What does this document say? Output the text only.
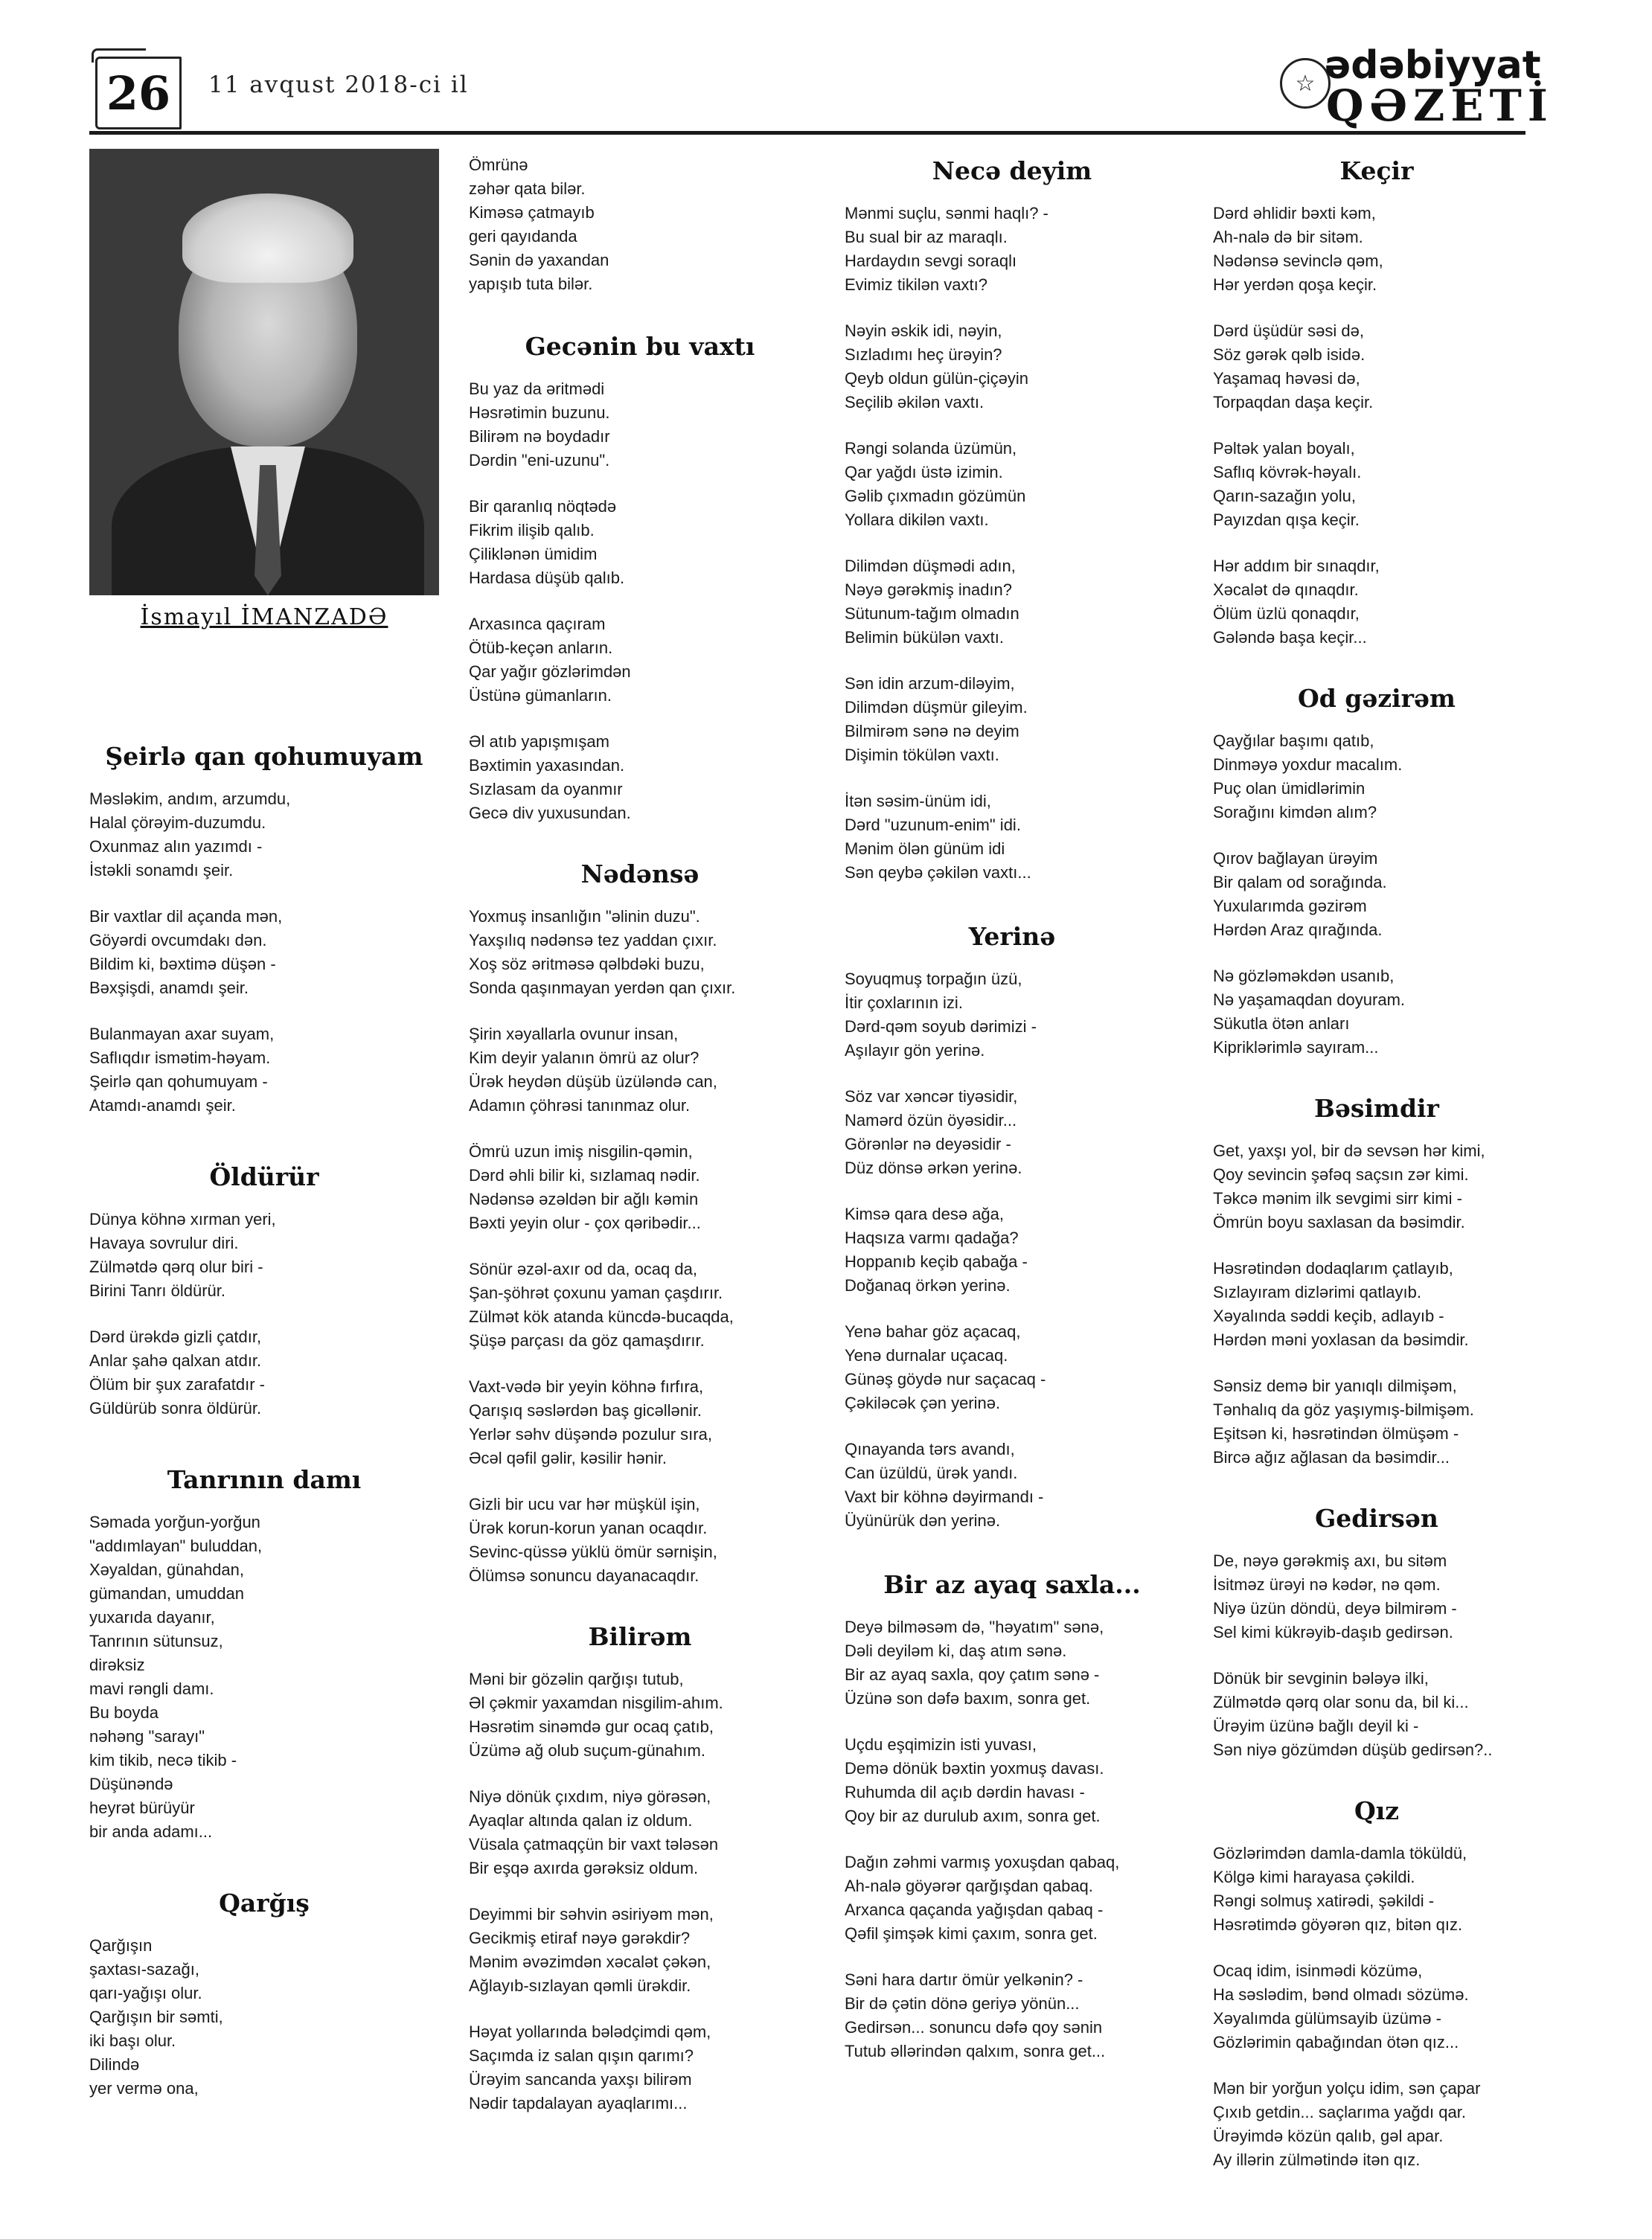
26	11 avqust 2018-ci il	☆ ədəbiyyat
QƏZETİ
İsmayıl İMANZADƏ
Şeirlə qan qohumuyam
Məsləkim, andım, arzumdu,
Halal çörəyim-duzumdu.
Oxunmaz alın yazımdı -
İstəkli sonamdı şeir.
Bir vaxtlar dil açanda mən,
Göyərdi ovcumdakı dən.
Bildim ki, bəxtimə düşən -
Bəxşişdi, anamdı şeir.
Bulanmayan axar suyam,
Saflıqdır ismətim-həyam.
Şeirlə qan qohumuyam -
Atamdı-anamdı şeir.
Öldürür
Dünya köhnə xırman yeri,
Havaya sovrulur diri.
Zülmətdə qərq olur biri -
Birini Tanrı öldürür.
Dərd ürəkdə gizli çatdır,
Anlar şahə qalxan atdır.
Ölüm bir şux zarafatdır -
Güldürüb sonra öldürür.
Tanrının damı
Səmada yorğun-yorğun
"addımlayan" buluddan,
Xəyaldan, günahdan,
gümandan, umuddan
yuxarıda dayanır,
Tanrının sütunsuz,
dirəksiz
mavi rəngli damı.
Bu boyda
nəhəng "sarayı"
kim tikib, necə tikib -
Düşünəndə
heyrət bürüyür
bir anda adamı...
Qarğış
Qarğışın
şaxtası-sazağı,
qarı-yağışı olur.
Qarğışın bir səmti,
iki başı olur.
Dilində
yer vermə ona,
Ömrünə
zəhər qata bilər.
Kiməsə çatmayıb
geri qayıdanda
Sənin də yaxandan
yapışıb tuta bilər.
Gecənin bu vaxtı
Bu yaz da əritmədi
Həsrətimin buzunu.
Bilirəm nə boydadır
Dərdin "eni-uzunu".
Bir qaranlıq nöqtədə
Fikrim ilişib qalıb.
Çiliklənən ümidim
Hardasa düşüb qalıb.
Arxasınca qaçıram
Ötüb-keçən anların.
Qar yağır gözlərimdən
Üstünə gümanların.
Əl atıb yapışmışam
Bəxtimin yaxasından.
Sızlasam da oyanmır
Gecə div yuxusundan.
Nədənsə
Yoxmuş insanlığın "əlinin duzu".
Yaxşılıq nədənsə tez yaddan çıxır.
Xoş söz əritməsə qəlbdəki buzu,
Sonda qaşınmayan yerdən qan çıxır.
Şirin xəyallarla ovunur insan,
Kim deyir yalanın ömrü az olur?
Ürək heydən düşüb üzüləndə can,
Adamın çöhrəsi tanınmaz olur.
Ömrü uzun imiş nisgilin-qəmin,
Dərd əhli bilir ki, sızlamaq nədir.
Nədənsə əzəldən bir ağlı kəmin
Bəxti yeyin olur - çox qəribədir...
Sönür əzəl-axır od da, ocaq da,
Şan-şöhrət çoxunu yaman çaşdırır.
Zülmət kök atanda küncdə-bucaqda,
Şüşə parçası da göz qamaşdırır.
Vaxt-vədə bir yeyin köhnə fırfıra,
Qarışıq səslərdən baş gicəllənir.
Yerlər səhv düşəndə pozulur sıra,
Əcəl qəfil gəlir, kəsilir hənir.
Gizli bir ucu var hər müşkül işin,
Ürək korun-korun yanan ocaqdır.
Sevinc-qüssə yüklü ömür sərnişin,
Ölümsə sonuncu dayanacaqdır.
Bilirəm
Məni bir gözəlin qarğışı tutub,
Əl çəkmir yaxamdan nisgilim-ahım.
Həsrətim sinəmdə gur ocaq çatıb,
Üzümə ağ olub suçum-günahım.
Niyə dönük çıxdım, niyə görəsən,
Ayaqlar altında qalan iz oldum.
Vüsala çatmaqçün bir vaxt tələsən
Bir eşqə axırda gərəksiz oldum.
Deyimmi bir səhvin əsiriyəm mən,
Gecikmiş etiraf nəyə gərəkdir?
Mənim əvəzimdən xəcalət çəkən,
Ağlayıb-sızlayan qəmli ürəkdir.
Həyat yollarında bələdçimdi qəm,
Saçımda iz salan qışın qarımı?
Ürəyim sancanda yaxşı bilirəm
Nədir tapdalayan ayaqlarımı...
Necə deyim
Mənmi suçlu, sənmi haqlı? -
Bu sual bir az maraqlı.
Hardaydın sevgi soraqlı
Evimiz tikilən vaxtı?
Nəyin əskik idi, nəyin,
Sızladımı heç ürəyin?
Qeyb oldun gülün-çiçəyin
Seçilib əkilən vaxtı.
Rəngi solanda üzümün,
Qar yağdı üstə izimin.
Gəlib çıxmadın gözümün
Yollara dikilən vaxtı.
Dilimdən düşmədi adın,
Nəyə gərəkmiş inadın?
Sütunum-tağım olmadın
Belimin bükülən vaxtı.
Sən idin arzum-diləyim,
Dilimdən düşmür gileyim.
Bilmirəm sənə nə deyim
Dişimin tökülən vaxtı.
İtən səsim-ünüm idi,
Dərd "uzunum-enim" idi.
Mənim ölən günüm idi
Sən qeybə çəkilən vaxtı...
Yerinə
Soyuqmuş torpağın üzü,
İtir çoxlarının izi.
Dərd-qəm soyub dərimizi -
Aşılayır gön yerinə.
Söz var xəncər tiyəsidir,
Namərd özün öyəsidir...
Görənlər nə deyəsidir -
Düz dönsə ərkən yerinə.
Kimsə qara desə ağa,
Haqsıza varmı qadağa?
Hoppanıb keçib qabağa -
Doğanaq örkən yerinə.
Yenə bahar göz açacaq,
Yenə durnalar uçacaq.
Günəş göydə nur saçacaq -
Çəkiləcək çən yerinə.
Qınayanda tərs avandı,
Can üzüldü, ürək yandı.
Vaxt bir köhnə dəyirmandı -
Üyünürük dən yerinə.
Bir az ayaq saxla...
Deyə bilməsəm də, "həyatım" sənə,
Dəli deyiləm ki, daş atım sənə.
Bir az ayaq saxla, qoy çatım sənə -
Üzünə son dəfə baxım, sonra get.
Uçdu eşqimizin isti yuvası,
Demə dönük bəxtin yoxmuş davası.
Ruhumda dil açıb dərdin havası -
Qoy bir az durulub axım, sonra get.
Dağın zəhmi varmış yoxuşdan qabaq,
Ah-nalə göyərər qarğışdan qabaq.
Arxanca qaçanda yağışdan qabaq -
Qəfil şimşək kimi çaxım, sonra get.
Səni hara dartır ömür yelkənin? -
Bir də çətin dönə geriyə yönün...
Gedirsən... sonuncu dəfə qoy sənin
Tutub əllərindən qalxım, sonra get...
Keçir
Dərd əhlidir bəxti kəm,
Ah-nalə də bir sitəm.
Nədənsə sevinclə qəm,
Hər yerdən qoşa keçir.
Dərd üşüdür səsi də,
Söz gərək qəlb isidə.
Yaşamaq həvəsi də,
Torpaqdan daşa keçir.
Pəltək yalan boyalı,
Saflıq kövrək-həyalı.
Qarın-sazağın yolu,
Payızdan qışa keçir.
Hər addım bir sınaqdır,
Xəcalət də qınaqdır.
Ölüm üzlü qonaqdır,
Gələndə başa keçir...
Od gəzirəm
Qayğılar başımı qatıb,
Dinməyə yoxdur macalım.
Puç olan ümidlərimin
Sorağını kimdən alım?
Qırov bağlayan ürəyim
Bir qalam od sorağında.
Yuxularımda gəzirəm
Hərdən Araz qırağında.
Nə gözləməkdən usanıb,
Nə yaşamaqdan doyuram.
Sükutla ötən anları
Kipriklərimlə sayıram...
Bəsimdir
Get, yaxşı yol, bir də sevsən hər kimi,
Qoy sevincin şəfəq saçsın zər kimi.
Təkcə mənim ilk sevgimi sirr kimi -
Ömrün boyu saxlasan da bəsimdir.
Həsrətindən dodaqlarım çatlayıb,
Sızlayıram dizlərimi qatlayıb.
Xəyalında səddi keçib, adlayıb -
Hərdən məni yoxlasan da bəsimdir.
Sənsiz demə bir yanıqlı dilmişəm,
Tənhalıq da göz yaşıymış-bilmişəm.
Eşitsən ki, həsrətindən ölmüşəm -
Bircə ağız ağlasan da bəsimdir...
Gedirsən
De, nəyə gərəkmiş axı, bu sitəm
İsitməz ürəyi nə kədər, nə qəm.
Niyə üzün döndü, deyə bilmirəm -
Sel kimi kükrəyib-daşıb gedirsən.
Dönük bir sevginin bələyə ilki,
Zülmətdə qərq olar sonu da, bil ki...
Ürəyim üzünə bağlı deyil ki -
Sən niyə gözümdən düşüb gedirsən?..
Qız
Gözlərimdən damla-damla töküldü,
Kölgə kimi harayasa çəkildi.
Rəngi solmuş xatirədi, şəkildi -
Həsrətimdə göyərən qız, bitən qız.
Ocaq idim, isinmədi közümə,
Ha səslədim, bənd olmadı sözümə.
Xəyalımda gülümsayib üzümə -
Gözlərimin qabağından ötən qız...
Mən bir yorğun yolçu idim, sən çapar
Çıxıb getdin... saçlarıma yağdı qar.
Ürəyimdə közün qalıb, gəl apar.
Ay illərin zülmətində itən qız.
